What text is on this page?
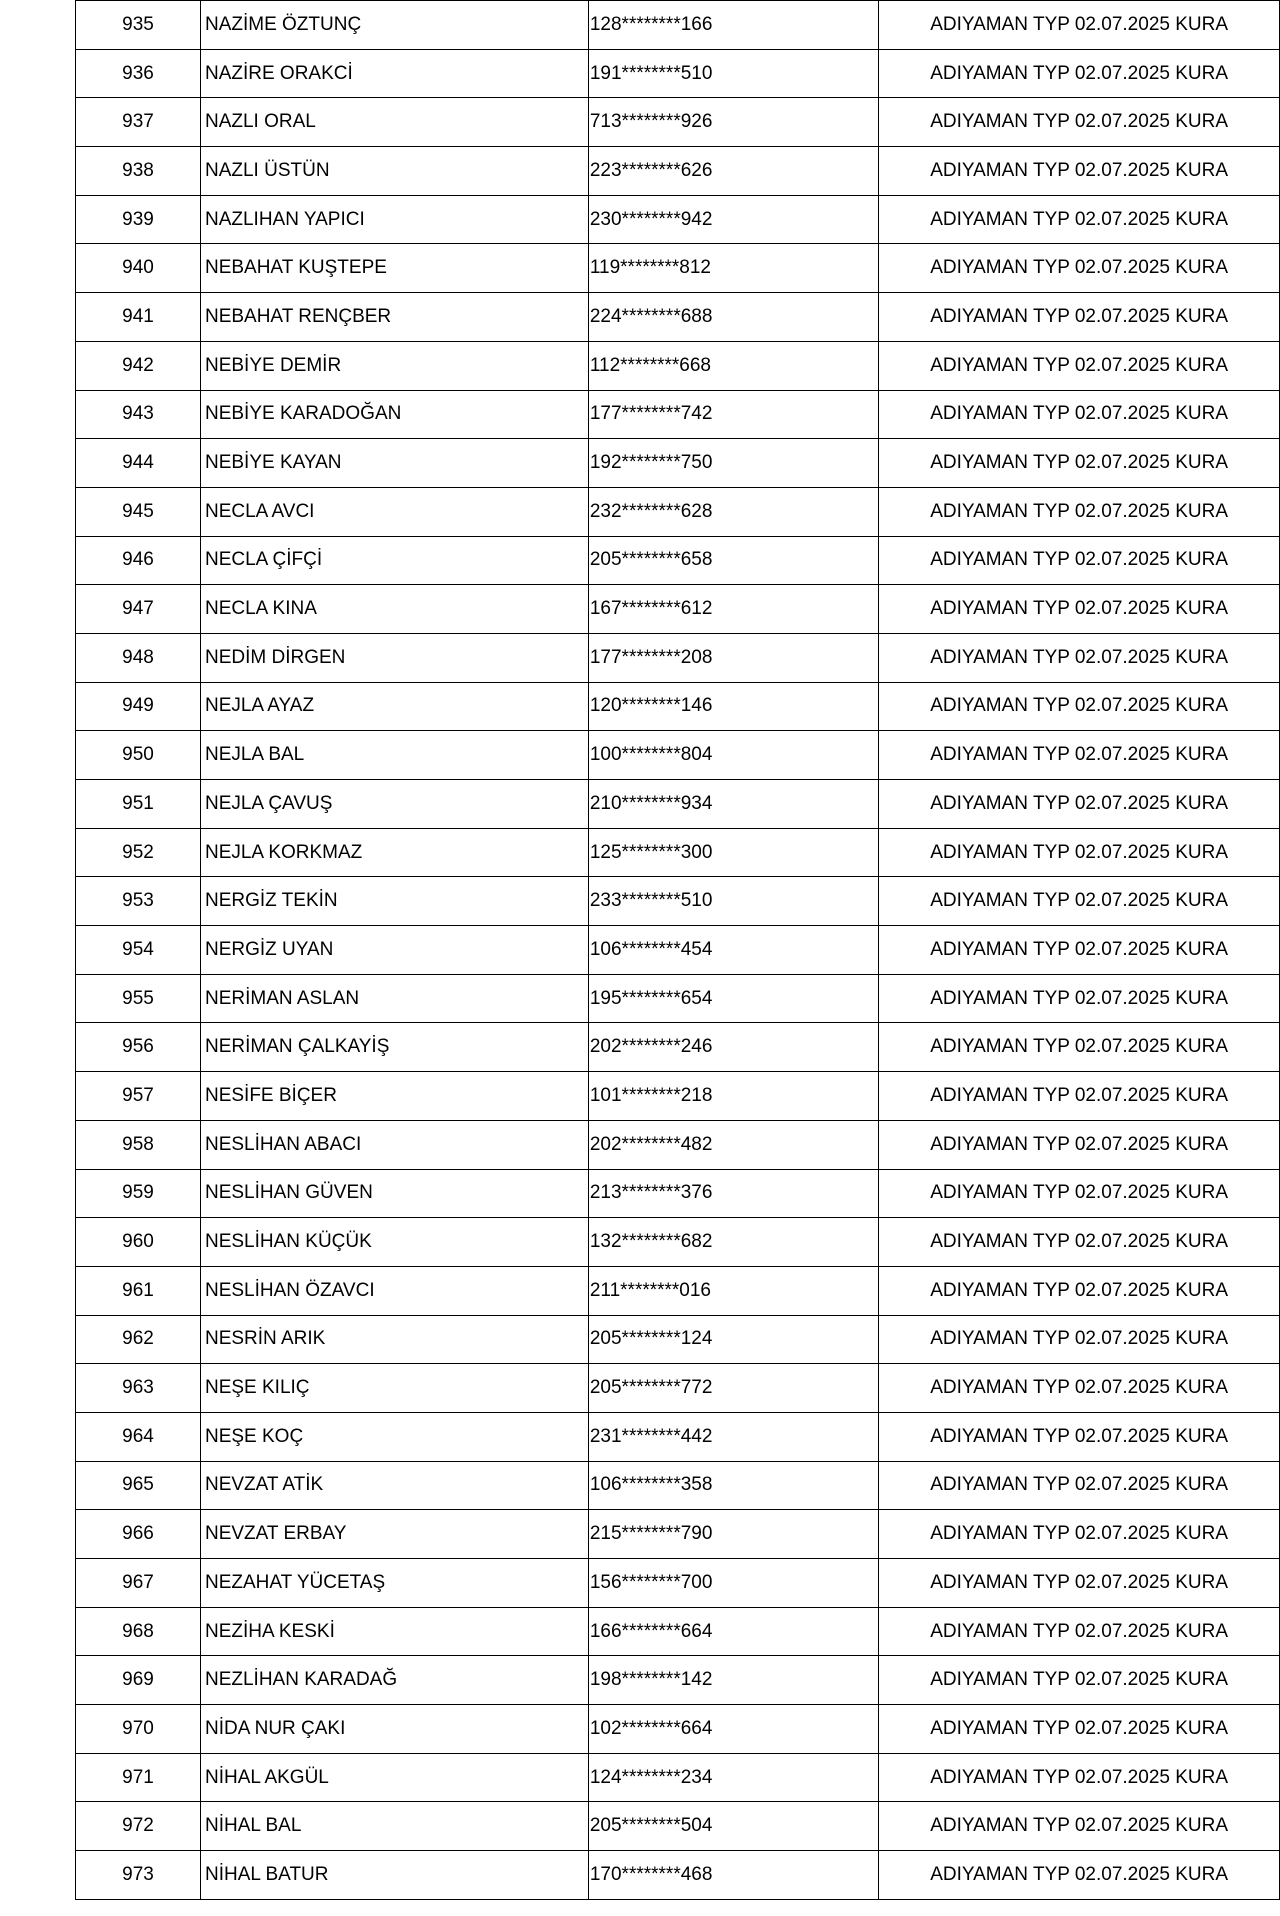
935	NAZİME ÖZTUNÇ	128********166	ADIYAMAN TYP 02.07.2025 KURA
936	NAZİRE ORAKCİ	191********510	ADIYAMAN TYP 02.07.2025 KURA
937	NAZLI ORAL	713********926	ADIYAMAN TYP 02.07.2025 KURA
938	NAZLI ÜSTÜN	223********626	ADIYAMAN TYP 02.07.2025 KURA
939	NAZLIHAN YAPICI	230********942	ADIYAMAN TYP 02.07.2025 KURA
940	NEBAHAT KUŞTEPE	119********812	ADIYAMAN TYP 02.07.2025 KURA
941	NEBAHAT RENÇBER	224********688	ADIYAMAN TYP 02.07.2025 KURA
942	NEBİYE DEMİR	112********668	ADIYAMAN TYP 02.07.2025 KURA
943	NEBİYE KARADOĞAN	177********742	ADIYAMAN TYP 02.07.2025 KURA
944	NEBİYE KAYAN	192********750	ADIYAMAN TYP 02.07.2025 KURA
945	NECLA AVCI	232********628	ADIYAMAN TYP 02.07.2025 KURA
946	NECLA ÇİFÇİ	205********658	ADIYAMAN TYP 02.07.2025 KURA
947	NECLA KINA	167********612	ADIYAMAN TYP 02.07.2025 KURA
948	NEDİM DİRGEN	177********208	ADIYAMAN TYP 02.07.2025 KURA
949	NEJLA AYAZ	120********146	ADIYAMAN TYP 02.07.2025 KURA
950	NEJLA BAL	100********804	ADIYAMAN TYP 02.07.2025 KURA
951	NEJLA ÇAVUŞ	210********934	ADIYAMAN TYP 02.07.2025 KURA
952	NEJLA KORKMAZ	125********300	ADIYAMAN TYP 02.07.2025 KURA
953	NERGİZ TEKİN	233********510	ADIYAMAN TYP 02.07.2025 KURA
954	NERGİZ UYAN	106********454	ADIYAMAN TYP 02.07.2025 KURA
955	NERİMAN ASLAN	195********654	ADIYAMAN TYP 02.07.2025 KURA
956	NERİMAN ÇALKAYİŞ	202********246	ADIYAMAN TYP 02.07.2025 KURA
957	NESİFE BİÇER	101********218	ADIYAMAN TYP 02.07.2025 KURA
958	NESLİHAN ABACI	202********482	ADIYAMAN TYP 02.07.2025 KURA
959	NESLİHAN GÜVEN	213********376	ADIYAMAN TYP 02.07.2025 KURA
960	NESLİHAN KÜÇÜK	132********682	ADIYAMAN TYP 02.07.2025 KURA
961	NESLİHAN ÖZAVCI	211********016	ADIYAMAN TYP 02.07.2025 KURA
962	NESRİN ARIK	205********124	ADIYAMAN TYP 02.07.2025 KURA
963	NEŞE KILIÇ	205********772	ADIYAMAN TYP 02.07.2025 KURA
964	NEŞE KOÇ	231********442	ADIYAMAN TYP 02.07.2025 KURA
965	NEVZAT ATİK	106********358	ADIYAMAN TYP 02.07.2025 KURA
966	NEVZAT ERBAY	215********790	ADIYAMAN TYP 02.07.2025 KURA
967	NEZAHAT YÜCETAŞ	156********700	ADIYAMAN TYP 02.07.2025 KURA
968	NEZİHA KESKİ	166********664	ADIYAMAN TYP 02.07.2025 KURA
969	NEZLİHAN KARADAĞ	198********142	ADIYAMAN TYP 02.07.2025 KURA
970	NİDA NUR ÇAKI	102********664	ADIYAMAN TYP 02.07.2025 KURA
971	NİHAL AKGÜL	124********234	ADIYAMAN TYP 02.07.2025 KURA
972	NİHAL BAL	205********504	ADIYAMAN TYP 02.07.2025 KURA
973	NİHAL BATUR	170********468	ADIYAMAN TYP 02.07.2025 KURA
